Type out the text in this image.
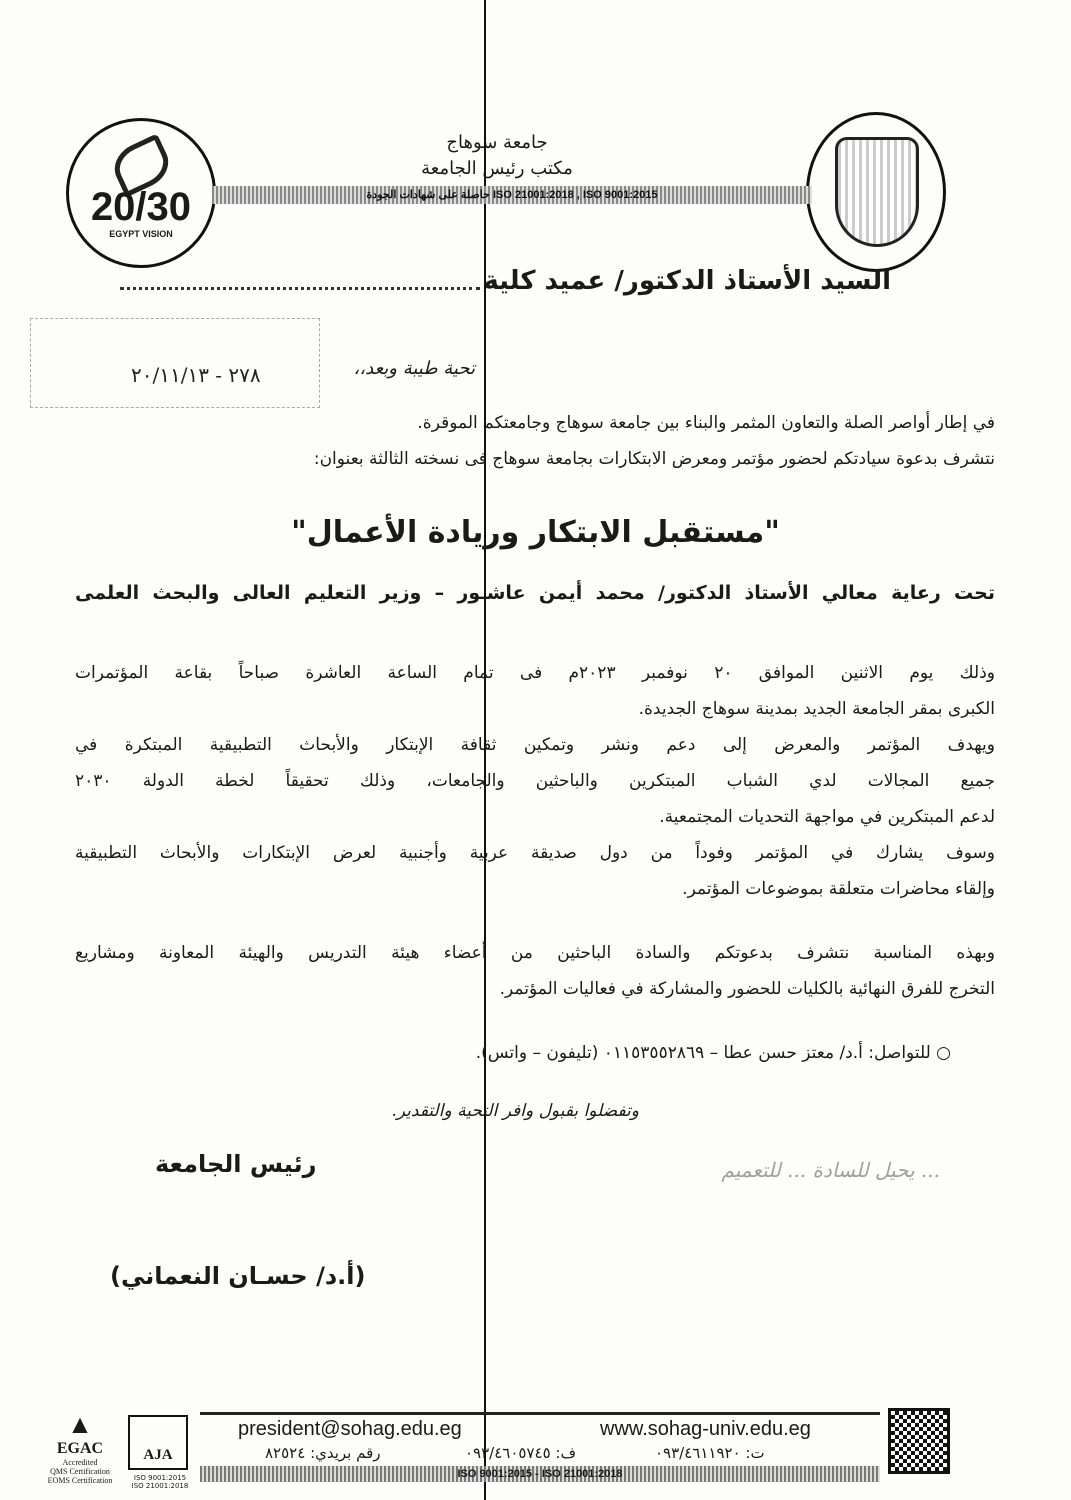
20/30
EGYPT VISION
جامعة سوهاج
مكتب رئيس الجامعة
حاصلة على شهادات الجودة ISO 21001:2018 , ISO 9001:2015
السيد الأستاذ الدكتور/ عميد كلية
٢٧٨ - ٢٠/١١/١٣	تحية طيبة وبعد،،
في إطار أواصر الصلة والتعاون المثمر والبناء بين جامعة سوهاج وجامعتكم الموقرة.
نتشرف بدعوة سيادتكم لحضور مؤتمر ومعرض الابتكارات بجامعة سوهاج فى نسخته الثالثة بعنوان:
"مستقبل الابتكار وريادة الأعمال"
تحت رعاية معالي الأستاذ الدكتور/ محمد أيمن عاشـور – وزير التعليم العالى والبحث العلمى
وذلك يوم الاثنين الموافق ٢٠ نوفمبر ٢٠٢٣م فى تمام الساعة العاشرة صباحاً بقاعة المؤتمرات
الكبرى بمقر الجامعة الجديد بمدينة سوهاج الجديدة.
ويهدف المؤتمر والمعرض إلى دعم ونشر وتمكين ثقافة الإبتكار والأبحاث التطبيقية المبتكرة في
جميع المجالات لدي الشباب المبتكرين والباحثين والجامعات، وذلك تحقيقاً لخطة الدولة ٢٠٣٠
لدعم المبتكرين في مواجهة التحديات المجتمعية.
وسوف يشارك في المؤتمر وفوداً من دول صديقة عربية وأجنبية لعرض الإبتكارات والأبحاث التطبيقية
وإلقاء محاضرات متعلقة بموضوعات المؤتمر.
وبهذه المناسبة نتشرف بدعوتكم والسادة الباحثين من أعضاء هيئة التدريس والهيئة المعاونة ومشاريع
التخرج للفرق النهائية بالكليات للحضور والمشاركة في فعاليات المؤتمر.
○ للتواصل: أ.د/ معتز حسن عطا – ٠١١٥٣٥٥٢٨٦٩ (تليفون – واتس).
وتفضلوا بقبول وافر التحية والتقدير.
رئيس الجامعة
(أ.د/ حسـان النعماني)
... يحيل للسادة ... للتعميم
president@sohag.edu.eg	www.sohag-univ.edu.eg
رقم بريدي: ٨٢٥٢٤	ف: ٠٩٣/٤٦٠٥٧٤٥	ت: ٠٩٣/٤٦١١٩٢٠
ISO 9001:2015 - ISO 21001:2018
▲
EGAC
Accredited
QMS Certification EOMS Certification
AJA
ISO 9001:2015 ISO 21001:2018
